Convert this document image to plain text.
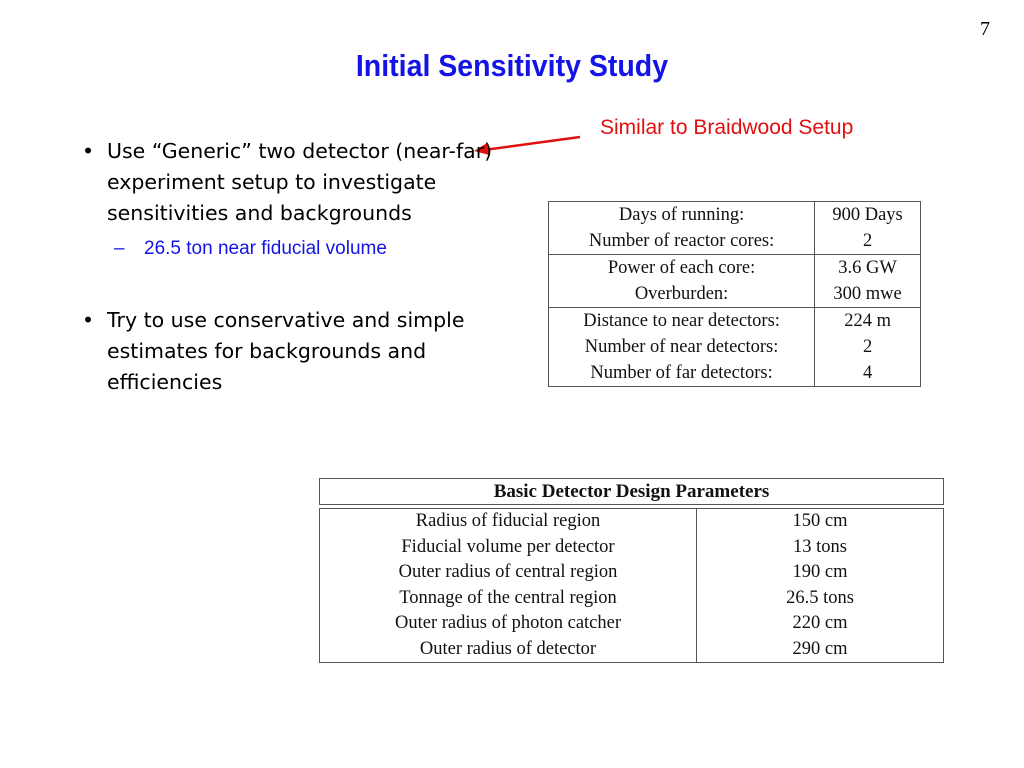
7
Initial Sensitivity Study
Similar to Braidwood Setup
• Use “Generic” two detector (near-far) experiment setup to investigate sensitivities and backgrounds
– 26.5 ton near fiducial volume
• Try to use conservative and simple estimates for backgrounds and efficiencies
Days of running:	900 Days
Number of reactor cores:	2
Power of each core:	3.6 GW
Overburden:	300 mwe
Distance to near detectors:	224 m
Number of near detectors:	2
Number of far detectors:	4
Basic Detector Design Parameters
Radius of fiducial region	150 cm
Fiducial volume per detector	13 tons
Outer radius of central region	190 cm
Tonnage of the central region	26.5 tons
Outer radius of photon catcher	220 cm
Outer radius of detector	290 cm
